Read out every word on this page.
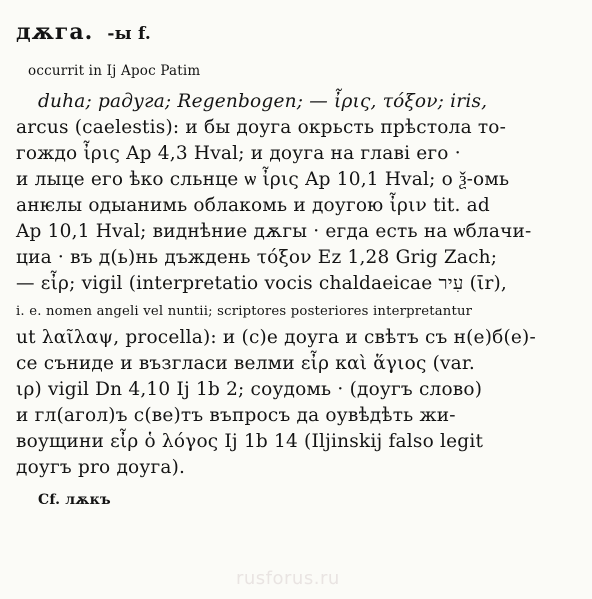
дѫга. -ы f.
occurrit in Ij Apoc Patim
duha; радуга; Regenbogen; — ἶρις, τόξον; iris,
arcus (caelestis): и бы доуга окрьсть прѣстола то-
гождо ἶρις Ap 4,3 Hval; и доуга на главі его ·
и лыце его ѣко сльнце ѡ ἶρις Ap 10,1 Hval; о ѯ-омь
анѥлы одыанимь облакомь и доугою ἶριν tit. ad
Ap 10,1 Hval; виднѣние дѫгы · егда есть на ѡблачи-
циа · въ д(ь)нь дъждень τόξον Ez 1,28 Grig Zach;
— εἶρ; vigil (interpretatio vocis chaldaeicae עִיר (ῑr),
i. e. nomen angeli vel nuntii; scriptores posteriores interpretantur
ut λαῖλαψ, procella): и (с)е доуга и свѣтъ съ н(е)б(е)-
се сънидe и възгласи велми εἶρ καὶ ἅγιος (var.
ιρ) vigil Dn 4,10 Ij 1b 2; соудомь · (доугъ слово)
и гл(агол)ъ с(ве)тъ въпросъ да оувѣдѣть жи-
воущини εἶρ ὁ λόγος Ij 1b 14 (Iljinskij falso legit
доугъ pro доуга).
Cf. лѫкъ
rusforus.ru
